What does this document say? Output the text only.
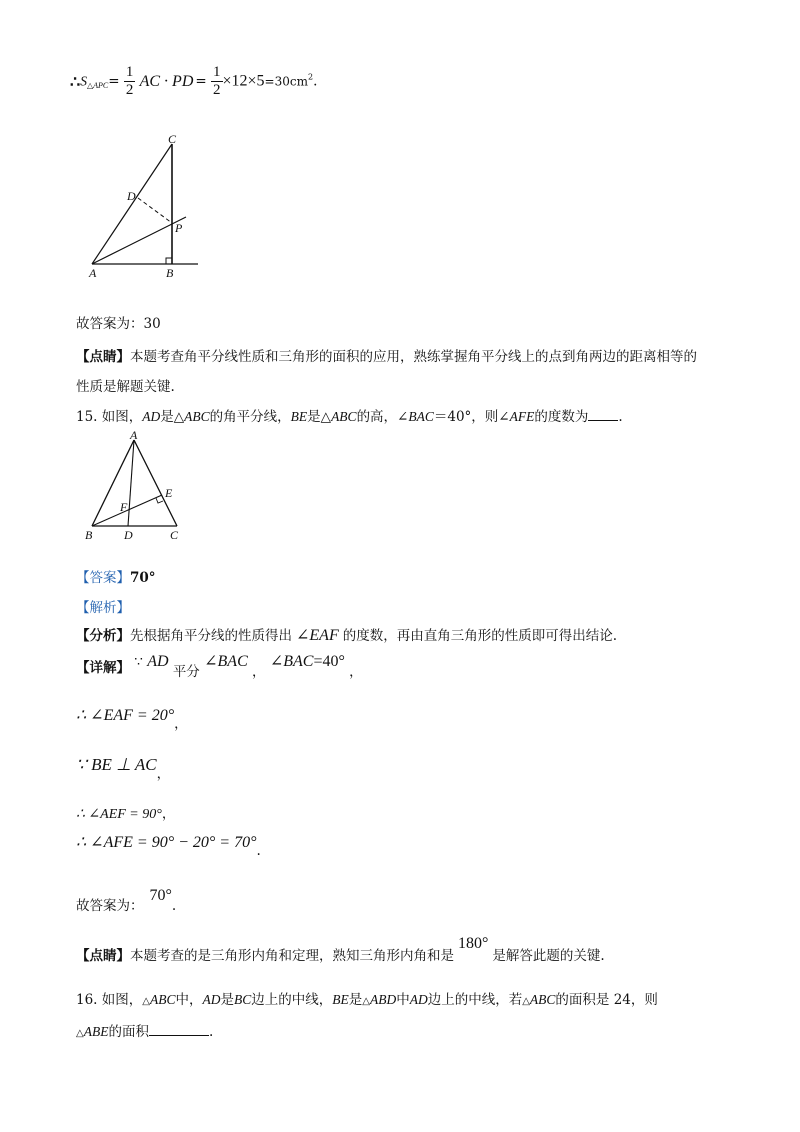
$\therefore S_{\triangle APC}= \frac{1}{2}$ AC · PD = $\frac{1}{2} \times 12\times 5=30cm^2$.
C
D
P
A	B
故答案为：30
【点睛】本题考查角平分线性质和三角形的面积的应用，熟练掌握角平分线上的点到角两边的距离相等的
性质是解题关键.
15. 如图，AD是△ABC的角平分线，BE是△ABC的高，∠BAC＝40°，则∠AFE的度数为 .
A
E
F
B	D	C
【答案】70°
【解析】
【分析】先根据角平分线的性质得出 ∠EAF 的度数，再由直角三角形的性质即可得出结论.
【详解】 ∵ AD 平分 ∠BAC ， ∠BAC=40° ，
∴ ∠EAF = 20°，
∵ BE ⊥ AC，
∴ ∠AEF = 90°，
∴ ∠AFE = 90° − 20° = 70°.
故答案为：70°.
【点睛】本题考查的是三角形内角和定理，熟知三角形内角和是180°是解答此题的关键.
16. 如图，△ABC中，AD是BC边上的中线，BE是△ABD中AD边上的中线，若△ABC的面积是 24，则
△ABE的面积	.
